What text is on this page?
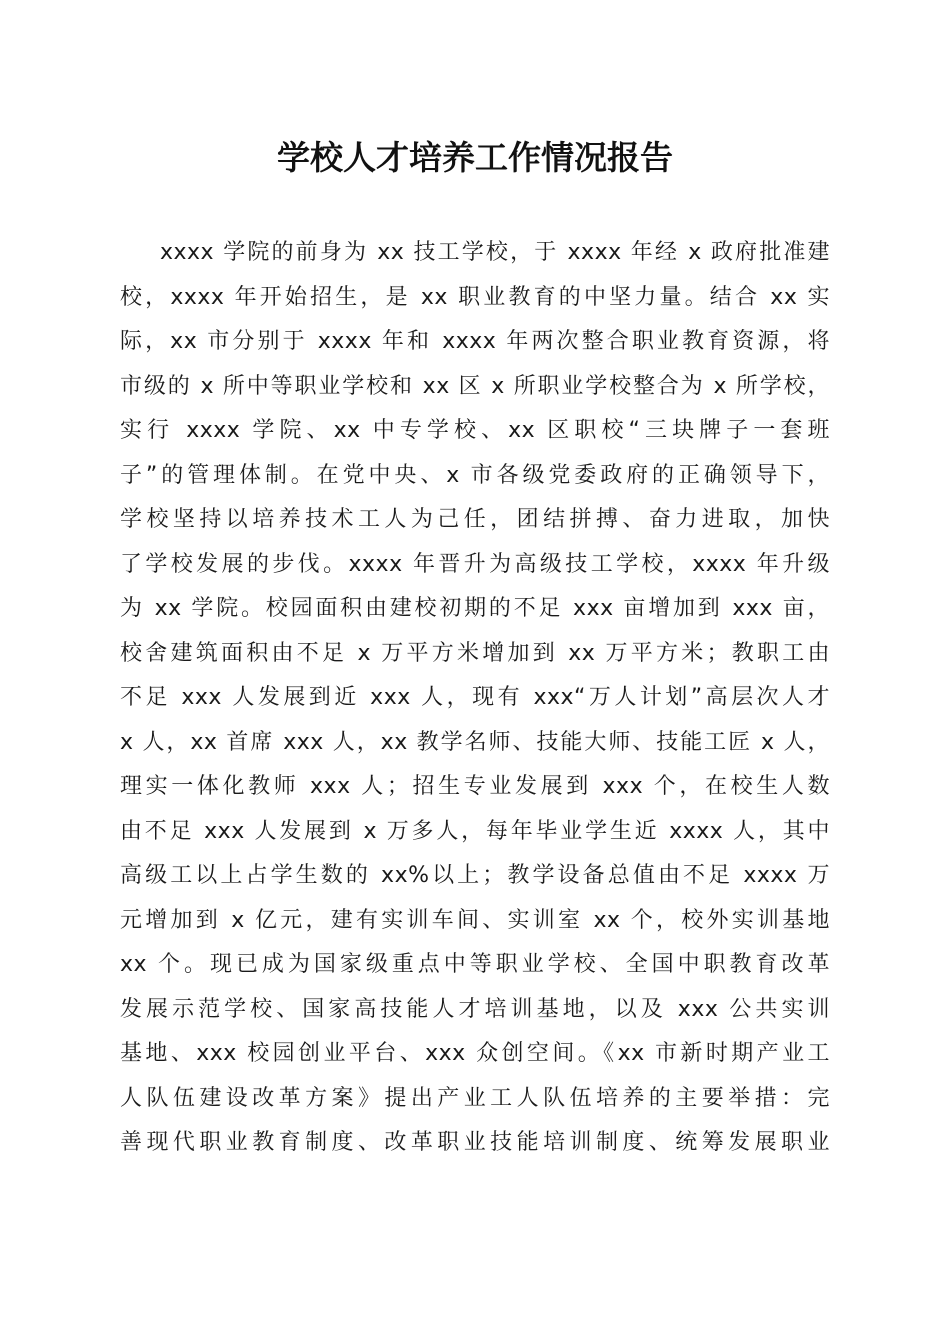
学校人才培养工作情况报告
xxxx 学院的前身为 xx 技工学校，于 xxxx 年经 x 政府批准建
校，xxxx 年开始招生，是 xx 职业教育的中坚力量。结合 xx 实
际，xx 市分别于 xxxx 年和 xxxx 年两次整合职业教育资源，将
市级的 x 所中等职业学校和 xx 区 x 所职业学校整合为 x 所学校，
实行 xxxx 学院、xx 中专学校、xx 区职校“三块牌子一套班
子”的管理体制。在党中央、x 市各级党委政府的正确领导下，
学校坚持以培养技术工人为己任，团结拼搏、奋力进取，加快
了学校发展的步伐。xxxx 年晋升为高级技工学校，xxxx 年升级
为 xx 学院。校园面积由建校初期的不足 xxx 亩增加到 xxx 亩，
校舍建筑面积由不足 x 万平方米增加到 xx 万平方米；教职工由
不足 xxx 人发展到近 xxx 人，现有 xxx“万人计划”高层次人才
x 人，xx 首席 xxx 人，xx 教学名师、技能大师、技能工匠 x 人，
理实一体化教师 xxx 人；招生专业发展到 xxx 个，在校生人数
由不足 xxx 人发展到 x 万多人，每年毕业学生近 xxxx 人，其中
高级工以上占学生数的 xx%以上；教学设备总值由不足 xxxx 万
元增加到 x 亿元，建有实训车间、实训室 xx 个，校外实训基地
xx 个。现已成为国家级重点中等职业学校、全国中职教育改革
发展示范学校、国家高技能人才培训基地，以及 xxx 公共实训
基地、xxx 校园创业平台、xxx 众创空间。《xx 市新时期产业工
人队伍建设改革方案》提出产业工人队伍培养的主要举措：完
善现代职业教育制度、改革职业技能培训制度、统筹发展职业
